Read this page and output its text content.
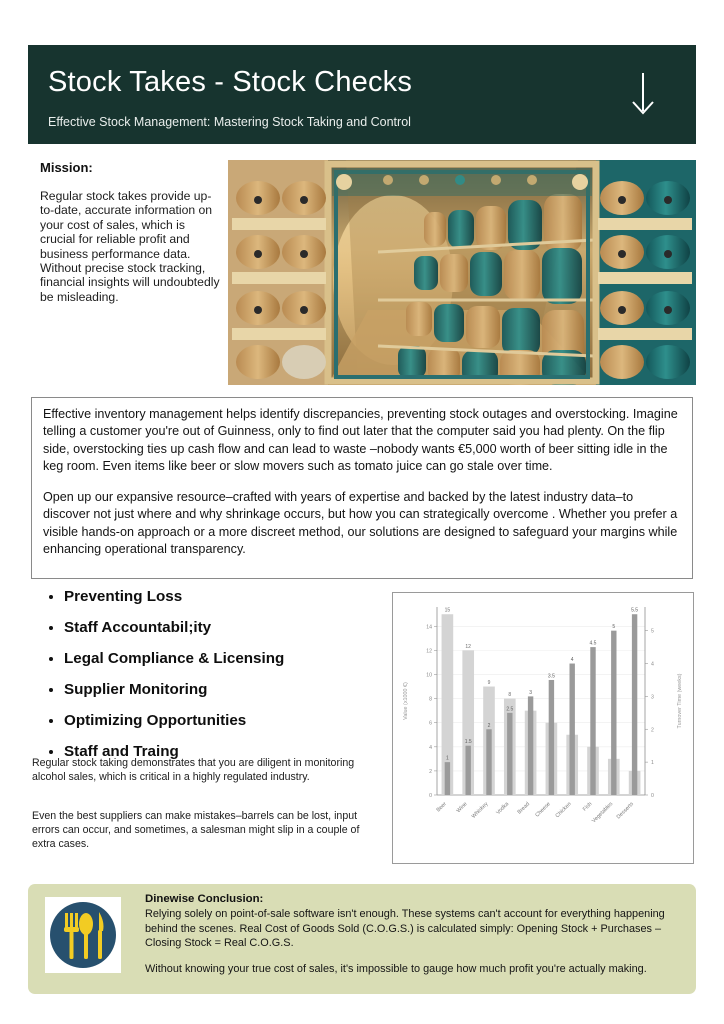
Stock Takes - Stock Checks
Effective Stock Management: Mastering Stock Taking and Control
Mission:
Regular stock takes provide up-to-date, accurate information on your cost of sales, which is crucial for reliable profit and business performance data. Without precise stock tracking, financial insights will undoubtedly be misleading.

Effective inventory management helps identify discrepancies, preventing stock outages and overstocking. Imagine telling a customer you're out of Guinness, only to find out later that the computer said you had plenty. On the flip side, overstocking ties up cash flow and can lead to waste –nobody wants €5,000 worth of beer sitting idle in the keg room. Even items like beer or slow movers such as tomato juice can go stale over time.

Open up our expansive resource–crafted with years of expertise and backed by the latest industry data–to discover not just where and why shrinkage occurs, but how you can strategically overcome . Whether you prefer a visible hands-on approach or a more discreet method, our solutions are designed to safeguard your margins while enhancing operational transparency.

Preventing Loss
Staff Accountabil;ity
Legal Compliance & Licensing
Supplier Monitoring
Optimizing Opportunities
Staff and Traing
Regular stock taking demonstrates that you are diligent in monitoring alcohol sales, which is critical in a highly regulated industry.
Even the best suppliers can make mistakes–barrels can be lost, input errors can occur, and sometimes, a salesman might slip in a couple of extra cases.
0
2
4
6
8
10
12
14
0
1
2
3
4
5
15
1
Beer
12
1.5
Wine
9
2
Whiskey
8
2.5
Vodka
3
Bread
3.5
Cheese
4
Chicken
4.5
Fish
5
Vegetables
5.5
Desserts
Value (x1000 €)	Turnover Time (weeks)
Dinewise Conclusion:

Relying solely on point-of-sale software isn't enough. These systems can't account for everything happening behind the scenes. Real Cost of Goods Sold (C.O.G.S.) is calculated simply: Opening Stock + Purchases – Closing Stock = Real C.O.G.S.

Without knowing your true cost of sales, it's impossible to gauge how much profit you're actually making.
